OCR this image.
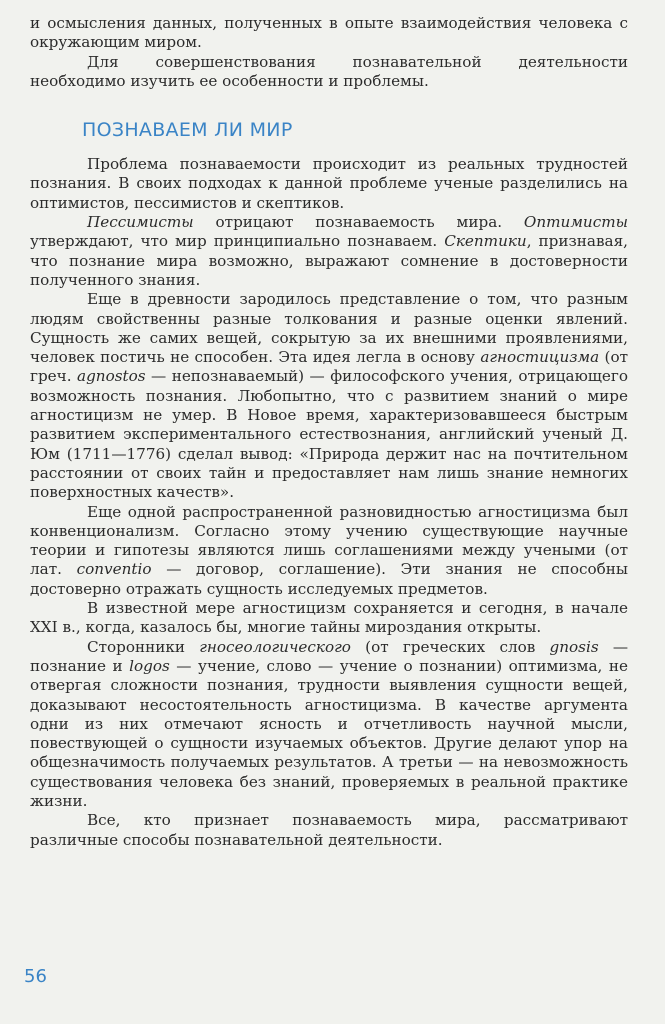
и осмысления данных, полученных в опыте взаимодействия человека с окружающим миром.

Для совершенствования познавательной деятельности необходимо изучить ее особенности и проблемы.

ПОЗНАВАЕМ ЛИ МИР

Проблема познаваемости происходит из реальных трудностей познания. В своих подходах к данной проблеме ученые разделились на оптимистов, пессимистов и скептиков.

Пессимисты отрицают познаваемость мира. Оптимисты утверждают, что мир принципиально познаваем. Скептики, признавая, что познание мира возможно, выражают сомнение в достоверности полученного знания.

Еще в древности зародилось представление о том, что разным людям свойственны разные толкования и разные оценки явлений. Сущность же самих вещей, сокрытую за их внешними проявлениями, человек постичь не способен. Эта идея легла в основу агностицизма (от греч. agnostos — непознаваемый) — философского учения, отрицающего возможность познания. Любопытно, что с развитием знаний о мире агностицизм не умер. В Новое время, характеризовавшееся быстрым развитием экспериментального естествознания, английский ученый Д. Юм (1711—1776) сделал вывод: «Природа держит нас на почтительном расстоянии от своих тайн и предоставляет нам лишь знание немногих поверхностных качеств».

Еще одной распространенной разновидностью агностицизма был конвенционализм. Согласно этому учению существующие научные теории и гипотезы являются лишь соглашениями между учеными (от лат. conventio — договор, соглашение). Эти знания не способны достоверно отражать сущность исследуемых предметов.

В известной мере агностицизм сохраняется и сегодня, в начале XXI в., когда, казалось бы, многие тайны мироздания открыты.

Сторонники гносеологического (от греческих слов gnosis — познание и logos — учение, слово — учение о познании) оптимизма, не отвергая сложности познания, трудности выявления сущности вещей, доказывают несостоятельность агностицизма. В качестве аргумента одни из них отмечают ясность и отчетливость научной мысли, повествующей о сущности изучаемых объектов. Другие делают упор на общезначимость получаемых результатов. А третьи — на невозможность существования человека без знаний, проверяемых в реальной практике жизни.

Все, кто признает познаваемость мира, рассматривают различные способы познавательной деятельности.

56
